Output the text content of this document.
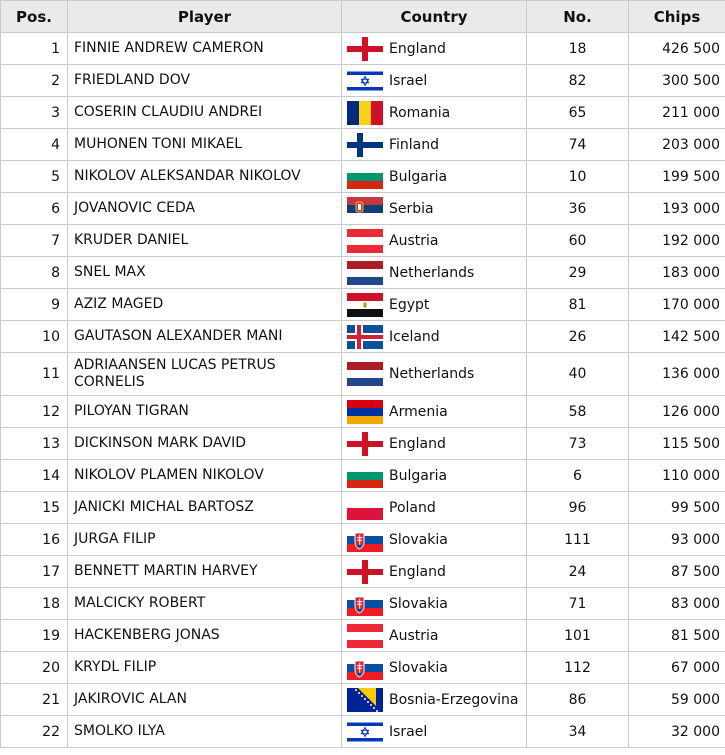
Pos.	Player	Country	No.	Chips
1	FINNIE ANDREW CAMERON	England	18	426 500
2	FRIEDLAND DOV	Israel	82	300 500
3	COSERIN CLAUDIU ANDREI	Romania	65	211 000
4	MUHONEN TONI MIKAEL	Finland	74	203 000
5	NIKOLOV ALEKSANDAR NIKOLOV	Bulgaria	10	199 500
6	JOVANOVIC CEDA	Serbia	36	193 000
7	KRUDER DANIEL	Austria	60	192 000
8	SNEL MAX	Netherlands	29	183 000
9	AZIZ MAGED	Egypt	81	170 000
10	GAUTASON ALEXANDER MANI	Iceland	26	142 500
11	ADRIAANSEN LUCAS PETRUS CORNELIS	Netherlands	40	136 000
12	PILOYAN TIGRAN	Armenia	58	126 000
13	DICKINSON MARK DAVID	England	73	115 500
14	NIKOLOV PLAMEN NIKOLOV	Bulgaria	6	110 000
15	JANICKI MICHAL BARTOSZ	Poland	96	99 500
16	JURGA FILIP	Slovakia	111	93 000
17	BENNETT MARTIN HARVEY	England	24	87 500
18	MALCICKY ROBERT	Slovakia	71	83 000
19	HACKENBERG JONAS	Austria	101	81 500
20	KRYDL FILIP	Slovakia	112	67 000
21	JAKIROVIC ALAN	Bosnia-Erzegovina	86	59 000
22	SMOLKO ILYA	Israel	34	32 000
